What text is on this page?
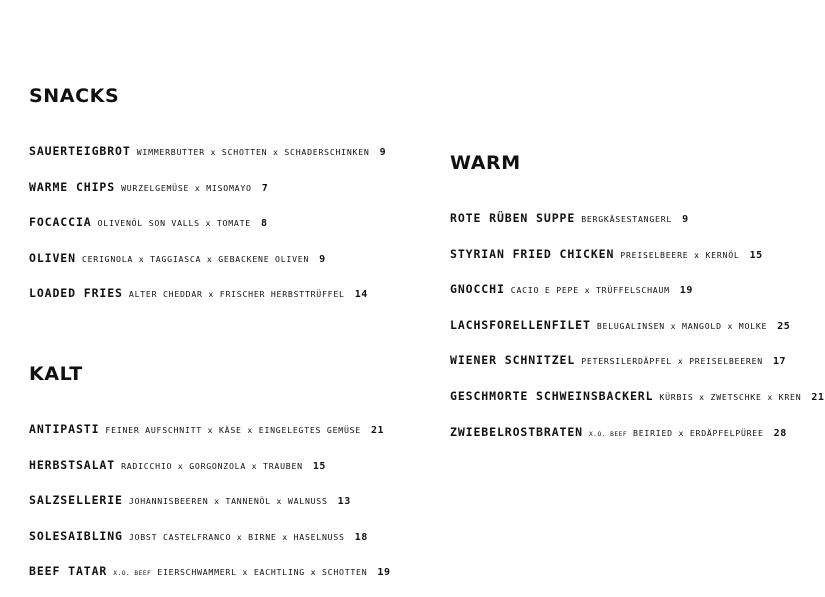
SNACKS
SAUERTEIGBROT WIMMERBUTTER x SCHOTTEN x SCHADERSCHINKEN 9
WARME CHIPS WURZELGEMÜSE x MISOMAYO 7
FOCACCIA OLIVENÖL SON VALLS x TOMATE 8
OLIVEN CERIGNOLA x TAGGIASCA x GEBACKENE OLIVEN 9
LOADED FRIES ALTER CHEDDAR x FRISCHER HERBSTTRÜFFEL 14
KALT
ANTIPASTI FEINER AUFSCHNITT x KÄSE x EINGELEGTES GEMÜSE 21
HERBSTSALAT RADICCHIO x GORGONZOLA x TRAUBEN 15
SALZSELLERIE JOHANNISBEEREN x TANNENÖL x WALNUSS 13
SOLESAIBLING JOBST CASTELFRANCO x BIRNE x HASELNUSS 18
BEEF TATAR X.O. BEEF EIERSCHWAMMERL x EACHTLING x SCHOTTEN 19
WARM
ROTE RÜBEN SUPPE BERGKÄSESTANGERL 9
STYRIAN FRIED CHICKEN PREISELBEERE x KERNÖL 15
GNOCCHI CACIO E PEPE x TRÜFFELSCHAUM 19
LACHSFORELLENFILET BELUGALINSEN x MANGOLD x MOLKE 25
WIENER SCHNITZEL PETERSILERDÄPFEL x PREISELBEEREN 17
GESCHMORTE SCHWEINSBACKERL KÜRBIS x ZWETSCHKE x KREN 21
ZWIEBELROSTBRATEN X.O. BEEF BEIRIED x ERDÄPFELPÜREE 28
